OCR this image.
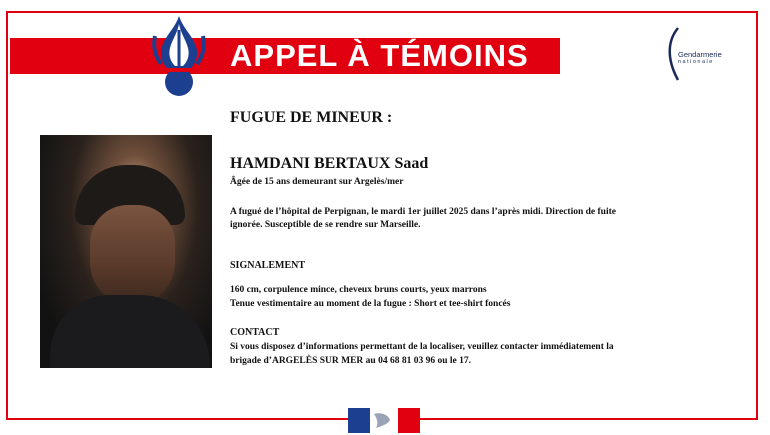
APPEL À TÉMOINS	Gendarmerie
nationale
FUGUE DE MINEUR :
HAMDANI BERTAUX Saad
Âgée de 15 ans demeurant sur Argelès/mer
A fugué de l’hôpital de Perpignan, le mardi 1er juillet 2025 dans l’après midi. Direction de fuite
ignorée. Susceptible de se rendre sur Marseille.
SIGNALEMENT
160 cm, corpulence mince, cheveux bruns courts, yeux marrons
Tenue vestimentaire au moment de la fugue : Short et tee-shirt foncés
CONTACT
Si vous disposez d’informations permettant de la localiser, veuillez contacter immédiatement la
brigade d’ARGELÈS SUR MER au 04 68 81 03 96 ou le 17.
